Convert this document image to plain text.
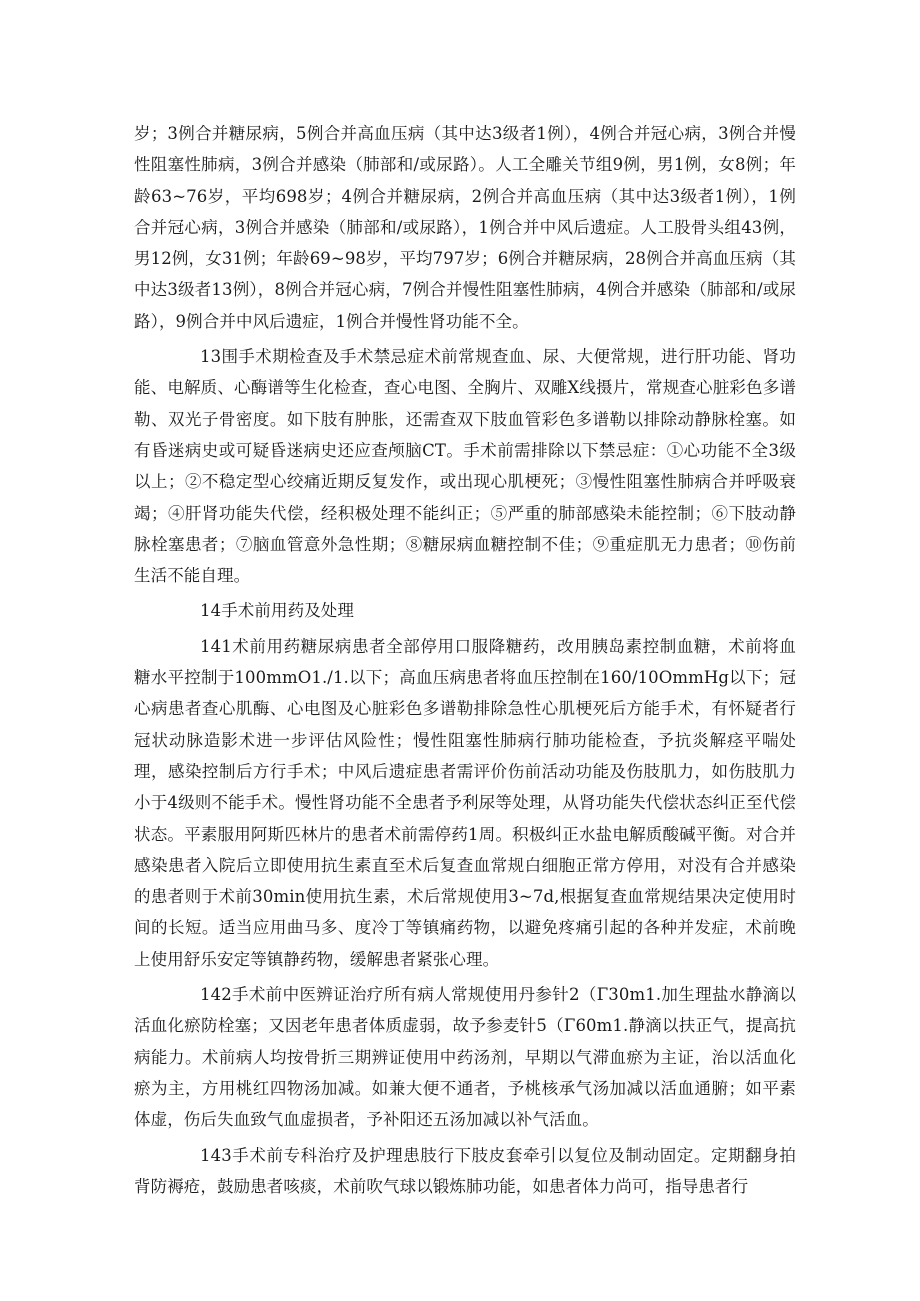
岁；3例合并糖尿病，5例合并高血压病（其中达3级者1例），4例合并冠心病，3例合并慢性阻塞性肺病，3例合并感染（肺部和/或尿路）。人工全雕关节组9例，男1例，女8例；年龄63~76岁，平均698岁；4例合并糖尿病，2例合并高血压病（其中达3级者1例），1例合并冠心病，3例合并感染（肺部和/或尿路），1例合并中风后遗症。人工股骨头组43例，男12例，女31例；年龄69~98岁，平均797岁；6例合并糖尿病，28例合并高血压病（其中达3级者13例），8例合并冠心病，7例合并慢性阻塞性肺病，4例合并感染（肺部和/或尿路），9例合并中风后遗症，1例合并慢性肾功能不全。

13围手术期检查及手术禁忌症术前常规查血、尿、大便常规，进行肝功能、肾功能、电解质、心酶谱等生化检查，查心电图、全胸片、双雕X线摄片，常规查心脏彩色多谱勒、双光子骨密度。如下肢有肿胀，还需查双下肢血管彩色多谱勒以排除动静脉栓塞。如有昏迷病史或可疑昏迷病史还应查颅脑CT。手术前需排除以下禁忌症：①心功能不全3级以上；②不稳定型心绞痛近期反复发作，或出现心肌梗死；③慢性阻塞性肺病合并呼吸衰竭；④肝肾功能失代偿，经积极处理不能纠正；⑤严重的肺部感染未能控制；⑥下肢动静脉栓塞患者；⑦脑血管意外急性期；⑧糖尿病血糖控制不佳；⑨重症肌无力患者；⑩伤前生活不能自理。

14手术前用药及处理

141术前用药糖尿病患者全部停用口服降糖药，改用胰岛素控制血糖，术前将血糖水平控制于100mmO1./1.以下；高血压病患者将血压控制在160/10OmmHg以下；冠心病患者查心肌酶、心电图及心脏彩色多谱勒排除急性心肌梗死后方能手术，有怀疑者行冠状动脉造影术进一步评估风险性；慢性阻塞性肺病行肺功能检查，予抗炎解痉平喘处理，感染控制后方行手术；中风后遗症患者需评价伤前活动功能及伤肢肌力，如伤肢肌力小于4级则不能手术。慢性肾功能不全患者予利尿等处理，从肾功能失代偿状态纠正至代偿状态。平素服用阿斯匹林片的患者术前需停药1周。积极纠正水盐电解质酸碱平衡。对合并感染患者入院后立即使用抗生素直至术后复查血常规白细胞正常方停用，对没有合并感染的患者则于术前30min使用抗生素，术后常规使用3~7d,根据复查血常规结果决定使用时间的长短。适当应用曲马多、度冷丁等镇痛药物，以避免疼痛引起的各种并发症，术前晚上使用舒乐安定等镇静药物，缓解患者紧张心理。

142手术前中医辨证治疗所有病人常规使用丹参针2（Γ30m1.加生理盐水静滴以活血化瘀防栓塞；又因老年患者体质虚弱，故予参麦针5（Γ60m1.静滴以扶正气，提高抗病能力。术前病人均按骨折三期辨证使用中药汤剂，早期以气滞血瘀为主证，治以活血化瘀为主，方用桃红四物汤加减。如兼大便不通者，予桃核承气汤加减以活血通腑；如平素体虚，伤后失血致气血虚损者，予补阳还五汤加减以补气活血。

143手术前专科治疗及护理患肢行下肢皮套牵引以复位及制动固定。定期翻身拍背防褥疮，鼓励患者咳痰，术前吹气球以锻炼肺功能，如患者体力尚可，指导患者行
